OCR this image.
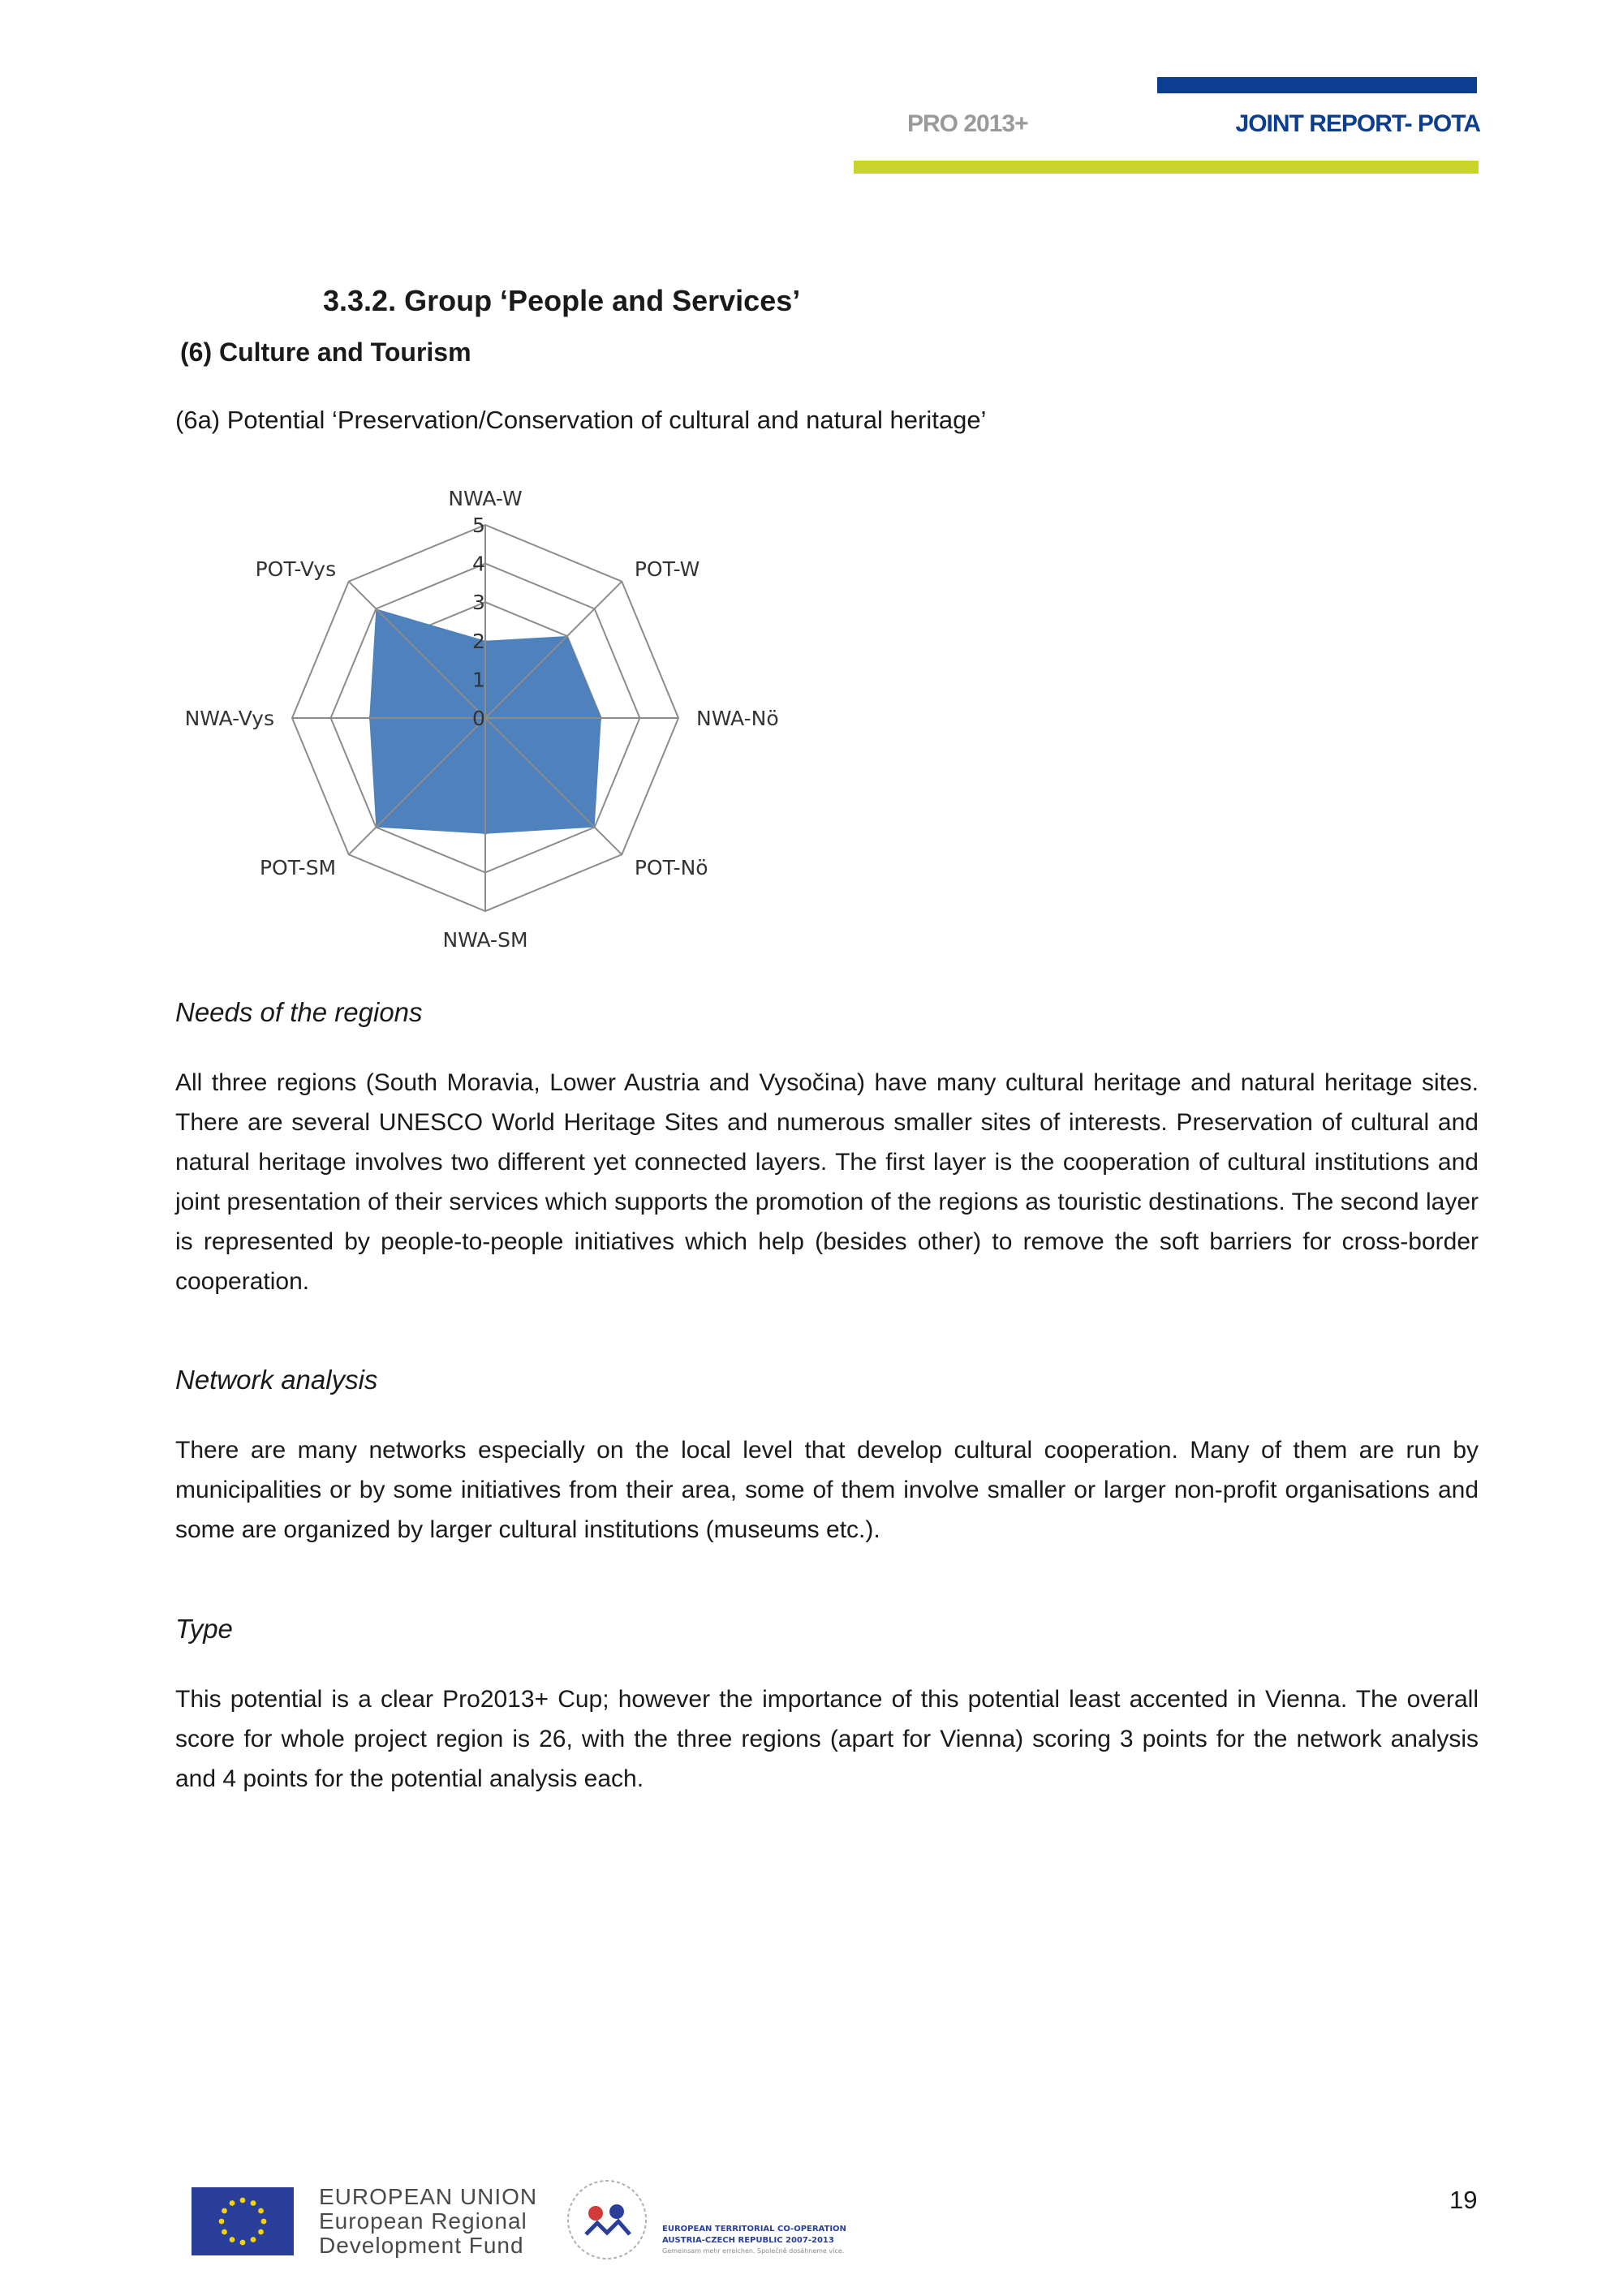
PRO 2013+	JOINT REPORT- POTA
3.3.2. Group ‘People and Services’
(6) Culture and Tourism
(6a) Potential ‘Preservation/Conservation of cultural and natural heritage’
NWA-W
POT-W
NWA-Nö
POT-Nö
NWA-SM
POT-SM
NWA-Vys
POT-Vys
0
1
2
3
4
5
Needs of the regions
All three regions (South Moravia, Lower Austria and Vysočina) have many cultural heritage and natural heritage sites. There are several UNESCO World Heritage Sites and numerous smaller sites of interests. Preservation of cultural and natural heritage involves two different yet connected layers. The first layer is the cooperation of cultural institutions and joint presentation of their services which supports the promotion of the regions as touristic destinations. The second layer is represented by people-to-people initiatives which help (besides other) to remove the soft barriers for cross-border cooperation.
Network analysis
There are many networks especially on the local level that develop cultural cooperation. Many of them are run by municipalities or by some initiatives from their area, some of them involve smaller or larger non-profit organisations and some are organized by larger cultural institutions (museums etc.).
Type
This potential is a clear Pro2013+ Cup; however the importance of this potential least accented in Vienna. The overall score for whole project region is 26, with the three regions (apart for Vienna) scoring 3 points for the network analysis and 4 points for the potential analysis each.
EUROPEAN UNION
European Regional
Development Fund
EUROPEAN TERRITORIAL CO-OPERATION
AUSTRIA-CZECH REPUBLIC 2007-2013
Gemeinsam mehr erreichen. Společně dosáhneme více.
19
